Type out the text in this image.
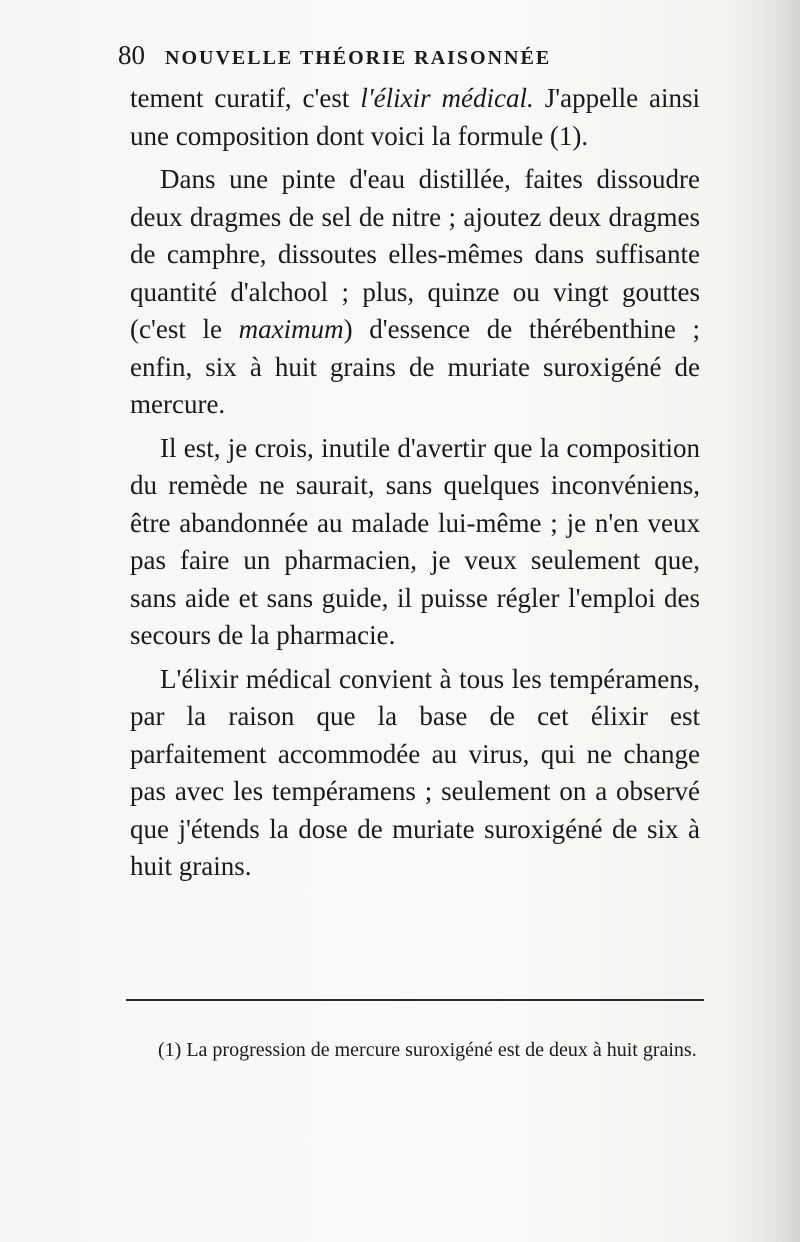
80 NOUVELLE THÉORIE RAISONNÉE

tement curatif, c'est l'élixir médical. J'appelle ainsi une composition dont voici la formule (1).

Dans une pinte d'eau distillée, faites dissoudre deux dragmes de sel de nitre ; ajoutez deux dragmes de camphre, dissoutes elles-mêmes dans suffisante quantité d'alchool ; plus, quinze ou vingt gouttes (c'est le maximum) d'essence de thérébenthine ; enfin, six à huit grains de muriate suroxigéné de mercure.

Il est, je crois, inutile d'avertir que la composition du remède ne saurait, sans quelques inconvéniens, être abandonnée au malade lui-même ; je n'en veux pas faire un pharmacien, je veux seulement que, sans aide et sans guide, il puisse régler l'emploi des secours de la pharmacie.

L'élixir médical convient à tous les tempéramens, par la raison que la base de cet élixir est parfaitement accommodée au virus, qui ne change pas avec les tempéramens ; seulement on a observé que j'étends la dose de muriate suroxigéné de six à huit grains.

(1) La progression de mercure suroxigéné est de deux à huit grains.
